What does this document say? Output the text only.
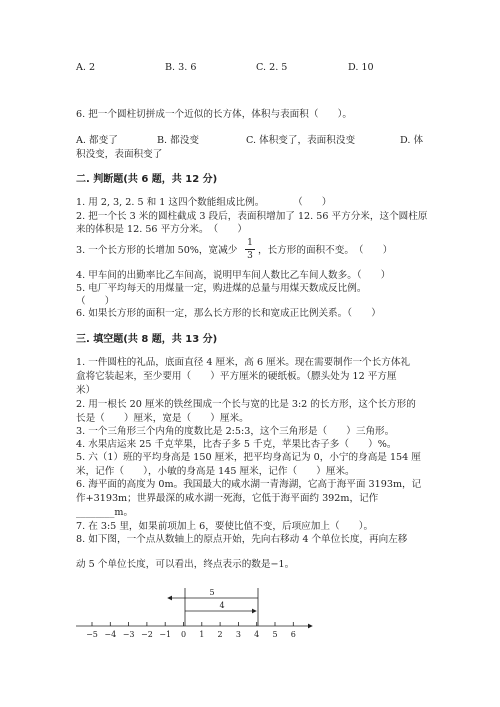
A. 2	B. 3. 6	C. 2. 5	D. 10
6. 把一个圆柱切拼成一个近似的长方体，体积与表面积（　　）。
A. 都变了	B. 都没变	C. 体积变了，表面积没变	D. 体
积没变，表面积变了
二. 判断题(共 6 题，共 12 分)
1. 用 2, 3, 2. 5 和 1 这四个数能组成比例。　　　　（　　）
2. 把一个长 3 米的圆柱截成 3 段后，表面积增加了 12. 56 平方分米，这个圆柱原
来的体积是 12. 56 平方分米。　（　　）
3. 一个长方形的长增加 50%，宽减少
1
3 ，长方形的面积不变。　（　　）
4. 甲车间的出勤率比乙车间高，说明甲车间人数比乙车间人数多。（　　）
5. 电厂平均每天的用煤量一定，购进煤的总量与用煤天数成反比例。
（　　）
6. 如果长方形的面积一定，那么长方形的长和宽成正比例关系。（　　）
三. 填空题(共 8 题，共 13 分)
1. 一件圆柱的礼品，底面直径 4 厘米，高 6 厘米。现在需要制作一个长方体礼
盒将它装起来，至少要用（　　）平方厘米的硬纸板。（膘头处为 12 平方厘
米）
2. 用一根长 20 厘米的铁丝围成一个长与宽的比是 3:2 的长方形，这个长方形的
长是（　　）厘米，宽是（　　）厘米。
3. 一个三角形三个内角的度数比是 2:5:3，这个三角形是（　　）三角形。
4. 水果店运来 25 千克苹果，比杏子多 5 千克，苹果比杏子多（　　）%。
5. 六（1）班的平均身高是 150 厘米，把平均身高记为 0，小宁的身高是 154 厘
米，记作（　　），小敏的身高是 145 厘米，记作（　　）厘米。
6. 海平面的高度为 0m。我国最大的咸水湖一青海湖，它高于海平面 3193m，记
作+3193m；世界最深的咸水湖一死海，它低于海平面约 392m，记作
________m。
7. 在 3:5 里，如果前项加上 6，要使比值不变，后项应加上（　　）。
8. 如下图，一个点从数轴上的原点开始，先向右移动 4 个单位长度，再向左移
动 5 个单位长度，可以看出，终点表示的数是−1。
−5 −4 −3 −2 −1 0 1 2 3 4 5 6
5
4
